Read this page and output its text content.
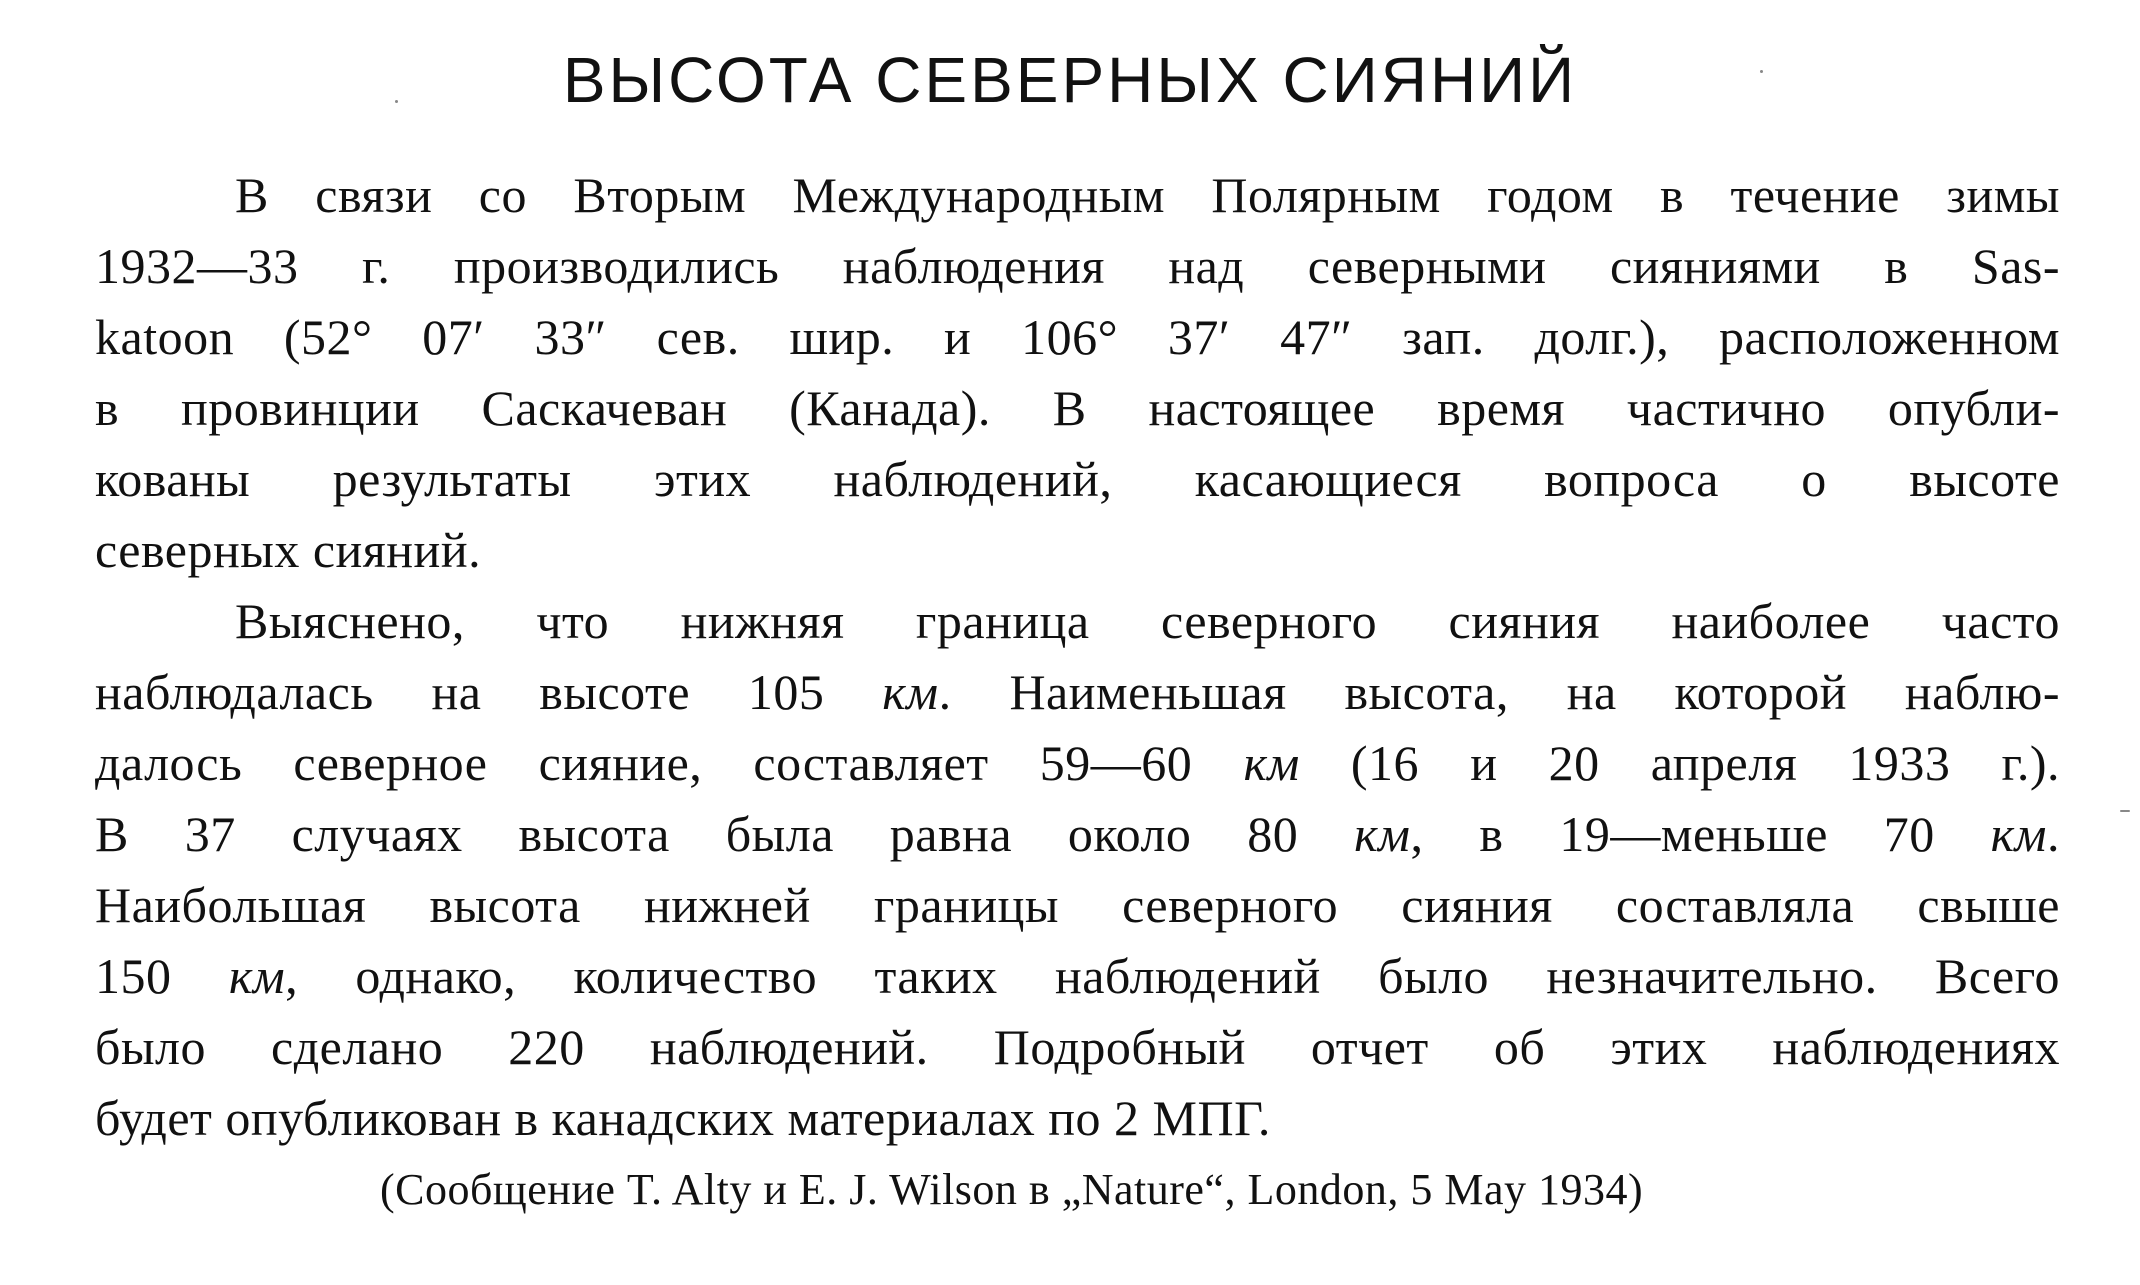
ВЫСОТА СЕВЕРНЫХ СИЯНИЙ
В связи со Вторым Международным Полярным годом в течение зимы
1932—33 г. производились наблюдения над северными сияниями в Sas-
katoon (52° 07′ 33″ сев. шир. и 106° 37′ 47″ зап. долг.), расположенном
в провинции Саскачеван (Канада). В настоящее время частично опубли-
кованы результаты этих наблюдений, касающиеся вопроса о высоте
северных сияний.
Выяснено, что нижняя граница северного сияния наиболее часто
наблюдалась на высоте 105 км. Наименьшая высота, на которой наблю-
далось северное сияние, составляет 59—60 км (16 и 20 апреля 1933 г.).
В 37 случаях высота была равна около 80 км, в 19—меньше 70 км.
Наибольшая высота нижней границы северного сияния составляла свыше
150 км, однако, количество таких наблюдений было незначительно. Всего
было сделано 220 наблюдений. Подробный отчет об этих наблюдениях
будет опубликован в канадских материалах по 2 МПГ.
(Сообщение T. Alty и E. J. Wilson в „Nature“, London, 5 May 1934)
